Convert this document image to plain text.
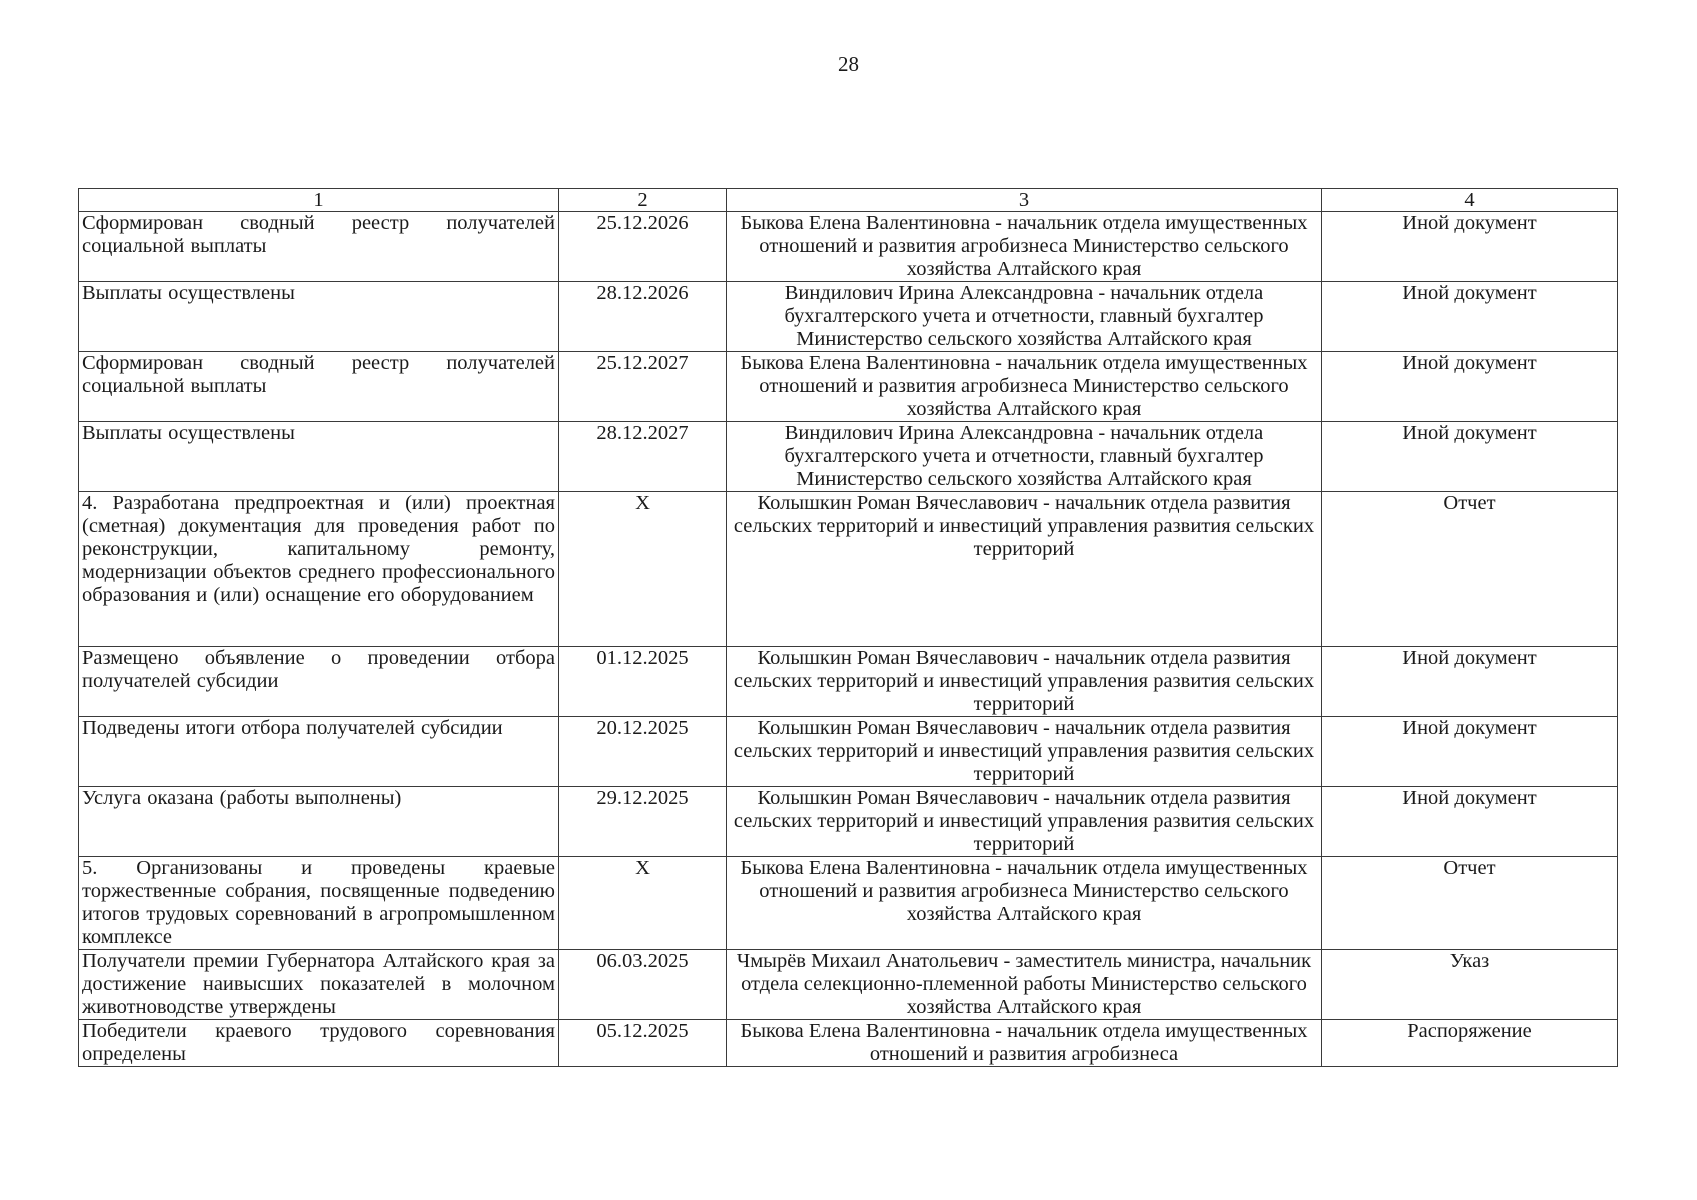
28
1	2	3	4
Сформирован сводный реестр получателей социальной выплаты	25.12.2026	Быкова Елена Валентиновна - начальник отдела имущественных отношений и развития агробизнеса Министерство сельского хозяйства Алтайского края	Иной документ
Выплаты осуществлены	28.12.2026	Виндилович Ирина Александровна - начальник отдела бухгалтерского учета и отчетности, главный бухгалтер Министерство сельского хозяйства Алтайского края	Иной документ
Сформирован сводный реестр получателей социальной выплаты	25.12.2027	Быкова Елена Валентиновна - начальник отдела имущественных отношений и развития агробизнеса Министерство сельского хозяйства Алтайского края	Иной документ
Выплаты осуществлены	28.12.2027	Виндилович Ирина Александровна - начальник отдела бухгалтерского учета и отчетности, главный бухгалтер Министерство сельского хозяйства Алтайского края	Иной документ
4. Разработана предпроектная и (или) проектная (сметная) документация для проведения работ по реконструкции, капитальному ремонту, модернизации объектов среднего профессионального образования и (или) оснащение его оборудованием	X	Колышкин Роман Вячеславович - начальник отдела развития сельских территорий и инвестиций управления развития сельских территорий	Отчет
Размещено объявление о проведении отбора получателей субсидии	01.12.2025	Колышкин Роман Вячеславович - начальник отдела развития сельских территорий и инвестиций управления развития сельских территорий	Иной документ
Подведены итоги отбора получателей субсидии	20.12.2025	Колышкин Роман Вячеславович - начальник отдела развития сельских территорий и инвестиций управления развития сельских территорий	Иной документ
Услуга оказана (работы выполнены)	29.12.2025	Колышкин Роман Вячеславович - начальник отдела развития сельских территорий и инвестиций управления развития сельских территорий	Иной документ
5. Организованы и проведены краевые торжественные собрания, посвященные подведению итогов трудовых соревнований в агропромышленном комплексе	X	Быкова Елена Валентиновна - начальник отдела имущественных отношений и развития агробизнеса Министерство сельского хозяйства Алтайского края	Отчет
Получатели премии Губернатора Алтайского края за достижение наивысших показателей в молочном животноводстве утверждены	06.03.2025	Чмырёв Михаил Анатольевич - заместитель министра, начальник отдела селекционно-племенной работы Министерство сельского хозяйства Алтайского края	Указ
Победители краевого трудового соревнования определены	05.12.2025	Быкова Елена Валентиновна - начальник отдела имущественных отношений и развития агробизнеса	Распоряжение
